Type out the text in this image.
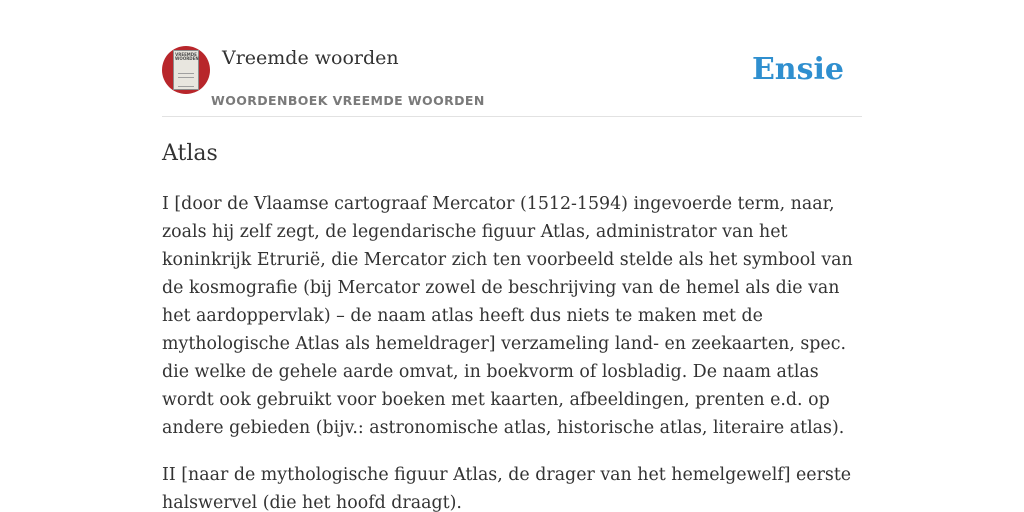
VREEMDE WOORDEN Vreemde woorden
WOORDENBOEK VREEMDE WOORDEN
Ensie
Atlas

I [door de Vlaamse cartograaf Mercator (1512-1594) ingevoerde term, naar, zoals hij zelf zegt, de legendarische figuur Atlas, administrator van het koninkrijk Etrurië, die Mercator zich ten voorbeeld stelde als het symbool van de kosmografie (bij Mercator zowel de beschrijving van de hemel als die van het aardoppervlak) – de naam atlas heeft dus niets te maken met de mythologische Atlas als hemeldrager] verzameling land- en zeekaarten, spec. die welke de gehele aarde omvat, in boekvorm of losbladig. De naam atlas wordt ook gebruikt voor boeken met kaarten, afbeeldingen, prenten e.d. op andere gebieden (bijv.: astronomische atlas, historische atlas, literaire atlas).

II [naar de mythologische figuur Atlas, de drager van het hemelgewelf] eerste halswervel (die het hoofd draagt).
